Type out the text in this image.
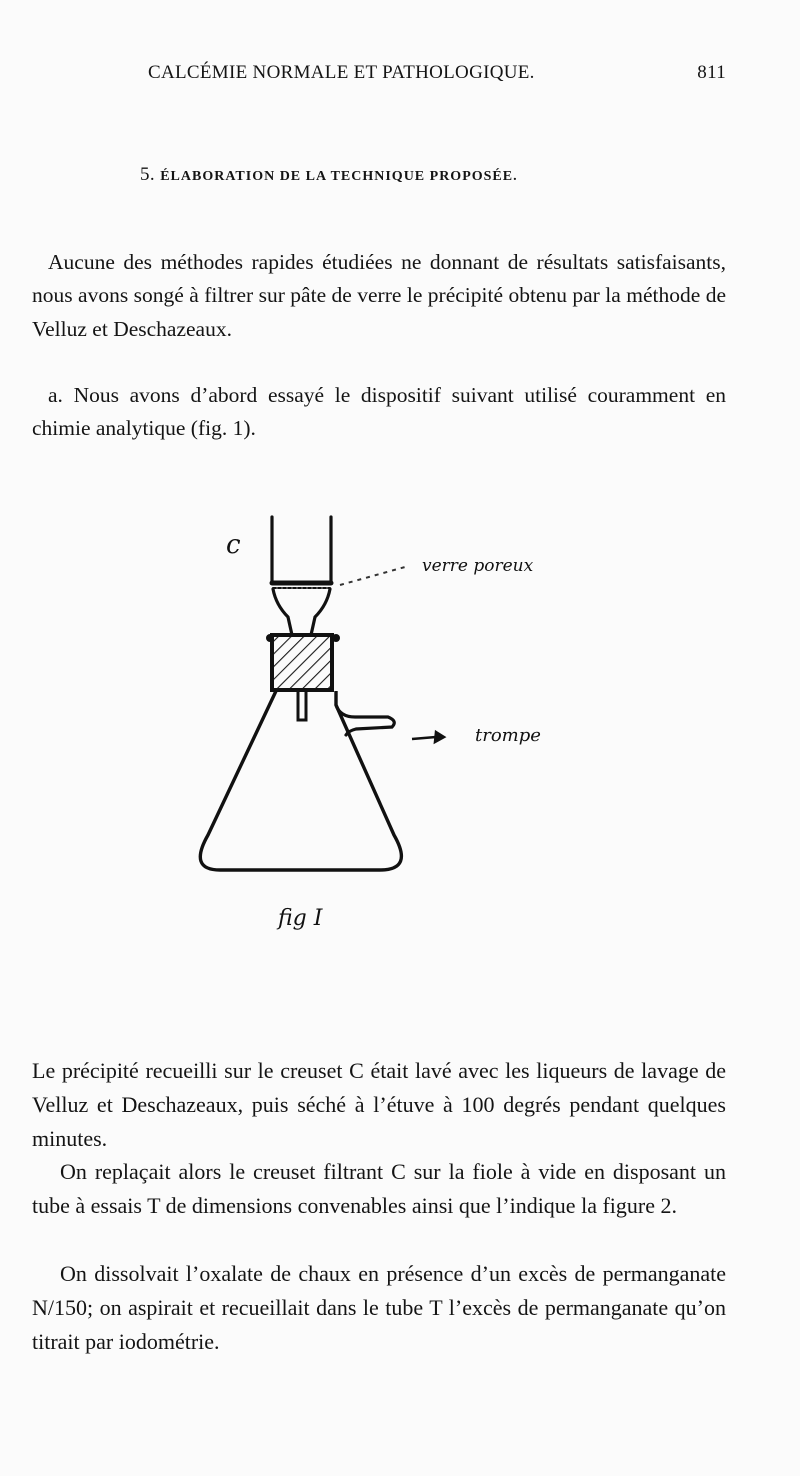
CALCÉMIE NORMALE ET PATHOLOGIQUE.	811
5. ÉLABORATION DE LA TECHNIQUE PROPOSÉE.

Aucune des méthodes rapides étudiées ne donnant de résultats satisfaisants, nous avons songé à filtrer sur pâte de verre le précipité obtenu par la méthode de Velluz et Deschazeaux.

a. Nous avons d’abord essayé le dispositif suivant utilisé couramment en chimie analytique (fig. 1).

c
verre poreux
trompe
fig I

Le précipité recueilli sur le creuset C était lavé avec les liqueurs de lavage de Velluz et Deschazeaux, puis séché à l’étuve à 100 degrés pendant quelques minutes.

On replaçait alors le creuset filtrant C sur la fiole à vide en disposant un tube à essais T de dimensions convenables ainsi que l’indique la figure 2.

On dissolvait l’oxalate de chaux en présence d’un excès de permanganate N/150; on aspirait et recueillait dans le tube T l’excès de permanganate qu’on titrait par iodométrie.
